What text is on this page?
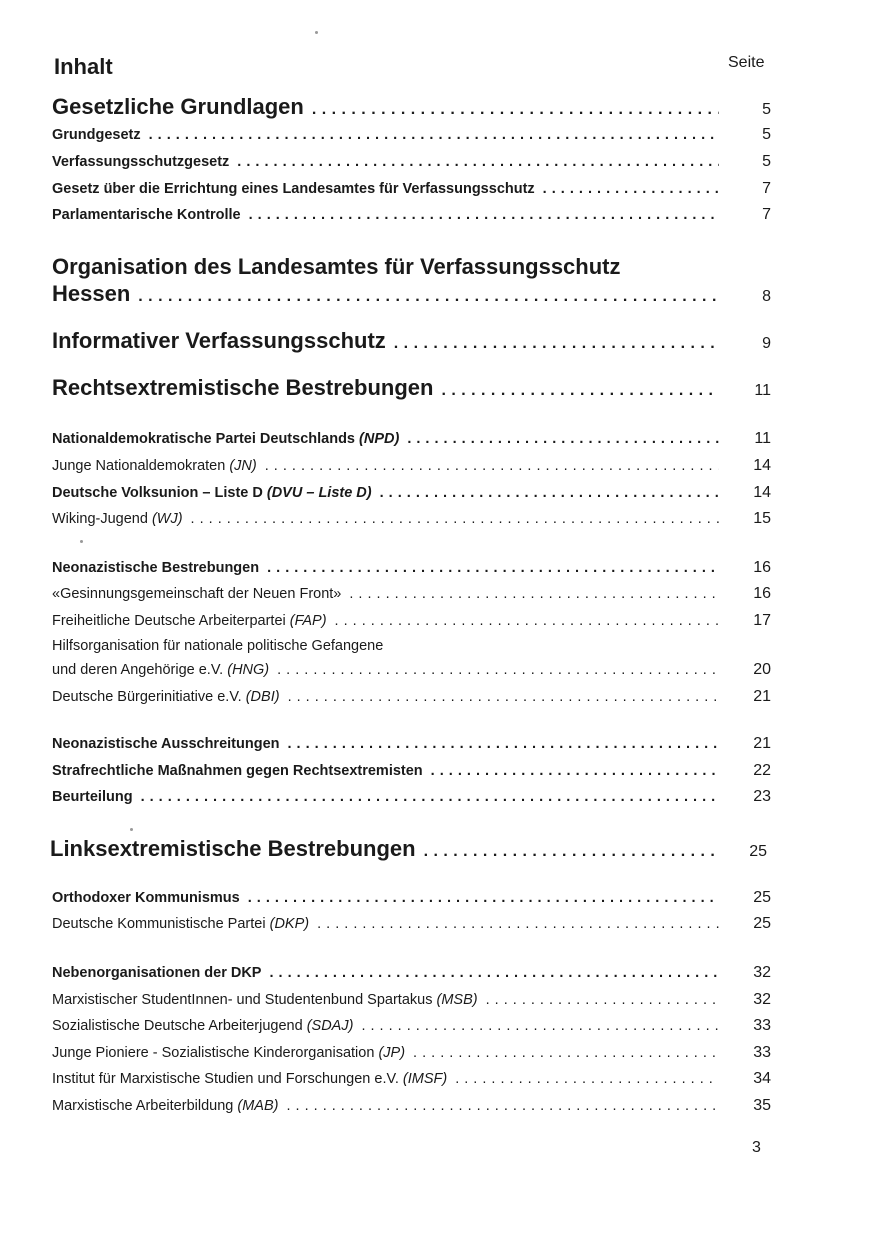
Inhalt	Seite
Gesetzliche Grundlagen . . .	5
Grundgesetz . . .	5
Verfassungsschutzgesetz . . .	5
Gesetz über die Errichtung eines Landesamtes für Verfassungsschutz . . .	7
Parlamentarische Kontrolle . . .	7
Organisation des Landesamtes für Verfassungsschutz
Hessen . . .	8
Informativer Verfassungsschutz . . .	9
Rechtsextremistische Bestrebungen . . .	11
Nationaldemokratische Partei Deutschlands (NPD) . . .	11
Junge Nationaldemokraten (JN) . . .	14
Deutsche Volksunion – Liste D (DVU – Liste D) . . .	14
Wiking-Jugend (WJ) . . .	15
Neonazistische Bestrebungen . . .	16
«Gesinnungsgemeinschaft der Neuen Front» . . .	16
Freiheitliche Deutsche Arbeiterpartei (FAP) . . .	17
Hilfsorganisation für nationale politische Gefangene
und deren Angehörige e.V. (HNG) . . .	20
Deutsche Bürgerinitiative e.V. (DBI) . . .	21
Neonazistische Ausschreitungen . . .	21
Strafrechtliche Maßnahmen gegen Rechtsextremisten . . .	22
Beurteilung . . .	23
Linksextremistische Bestrebungen . . .	25
Orthodoxer Kommunismus . . .	25
Deutsche Kommunistische Partei (DKP) . . .	25
Nebenorganisationen der DKP . . .	32
Marxistischer StudentInnen- und Studentenbund Spartakus (MSB) . . .	32
Sozialistische Deutsche Arbeiterjugend (SDAJ) . . .	33
Junge Pioniere - Sozialistische Kinderorganisation (JP) . . .	33
Institut für Marxistische Studien und Forschungen e.V. (IMSF) . . .	34
Marxistische Arbeiterbildung (MAB) . . .	35
3
